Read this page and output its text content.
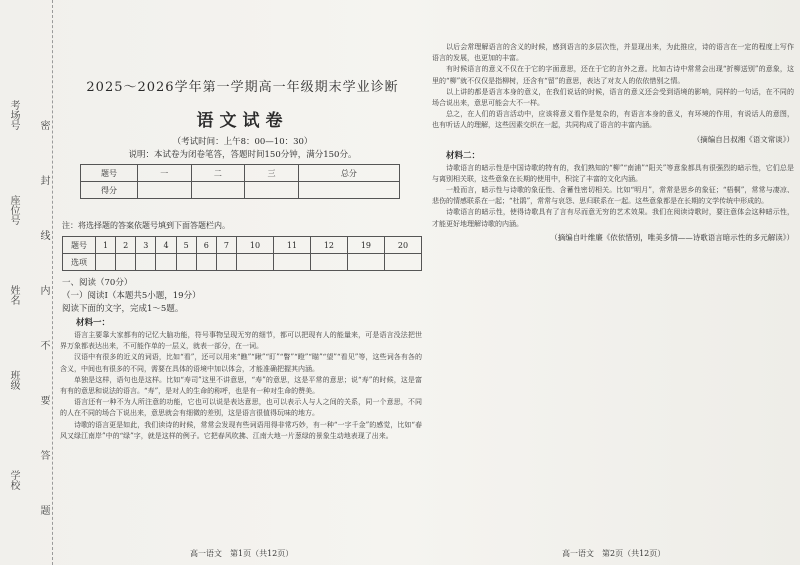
考场号
座位号
姓名
班级
学校
密
封
线
内
不
要
答
题
2025～2026学年第一学期高一年级期末学业诊断
语文试卷
（考试时间：上午8：00—10：30）
说明：本试卷为闭卷笔答，答题时间150分钟，满分150分。
题号	一	二	三	总分
得分				
注：将选择题的答案依题号填到下面答题栏内。
题号	1	2	3	4	5	6	7	10	11	12	19	20
选项												
一、阅读（70分）
（一）阅读Ⅰ（本题共5小题，19分）
阅读下面的文字，完成1～5题。
材料一：

语言主要靠大家都有的记忆大脑功能，符号事物呈现无穷的细节，都可以把现有人的能量来，可是语言没法把世界万象都表达出来，不可能作单的一层义，就表一部分，在一词。

汉语中有很多的近义的词语，比如“看”，还可以用来“瞧”“瞅”“盯”“瞥”“瞪”“瞄”“望”“看见”等，这些词各有各的含义，中间也有很多的不同，需要在具体的语境中加以体会，才能准确把握其内涵。

单独是这样，语句也是这样。比如“寿司”这里不讲意思，“寿”的意思，这是平常的意思；说“寿”的时候，这是富有有的意思和说法的语言。“寿”，是对人的生命的称呼，也是有一种对生命的赞美。

语言还有一种不为人所注意的功能，它也可以说是表达意思，也可以表示人与人之间的关系，同一个意思，不同的人在不同的场合下说出来，意思就会有细微的差别，这是语言很值得玩味的地方。

诗歌的语言更是如此，我们读诗的时候，常常会发现有些词语用得非常巧妙，有一种“一字千金”的感觉，比如“春风又绿江南岸”中的“绿”字，就是这样的例子。它把春风吹拂、江南大地一片葱绿的景象生动地表现了出来。

高一语文　第1页（共12页）

以后会常理解语言的含义的时候，感到语言的多层次性，并显现出来，为此推应，诗的语言在一定的程度上写作语言的发展，也更加的丰富。

有时候语言的意义不仅在于它的字面意思，还在于它的言外之意。比如古诗中常常会出现“折柳送别”的意象，这里的“柳”就不仅仅是指柳树，还含有“留”的意思，表达了对友人的依依惜别之情。

以上讲的都是语言本身的意义，在我们说话的时候，语言的意义还会受到语境的影响，同样的一句话，在不同的场合说出来，意思可能会大不一样。

总之，在人们的语言活动中，应该将意义看作是复杂的，有语言本身的意义，有环境的作用，有说话人的意图，也有听话人的理解，这些因素交织在一起，共同构成了语言的丰富内涵。

（摘编自吕叔湘《语文常谈》）
材料二：

诗歌语言的暗示性是中国诗歌的特有的，我们熟知的“柳”“南浦”“阳关”等意象都具有很强烈的暗示性，它们总是与离别相关联，这些意象在长期的使用中，积淀了丰富的文化内涵。

一般而言，暗示性与诗歌的象征性、含蓄性密切相关。比如“明月”，常常是思乡的象征；“梧桐”，常常与凄凉、悲伤的情感联系在一起；“杜鹃”，常常与哀怨、思归联系在一起。这些意象都是在长期的文学传统中形成的。

诗歌语言的暗示性，使得诗歌具有了言有尽而意无穷的艺术效果。我们在阅读诗歌时，要注意体会这种暗示性，才能更好地理解诗歌的内涵。

（摘编自叶维廉《依依惜别，唯美多情——诗歌语言暗示性的多元解读》）
高一语文　第2页（共12页）
